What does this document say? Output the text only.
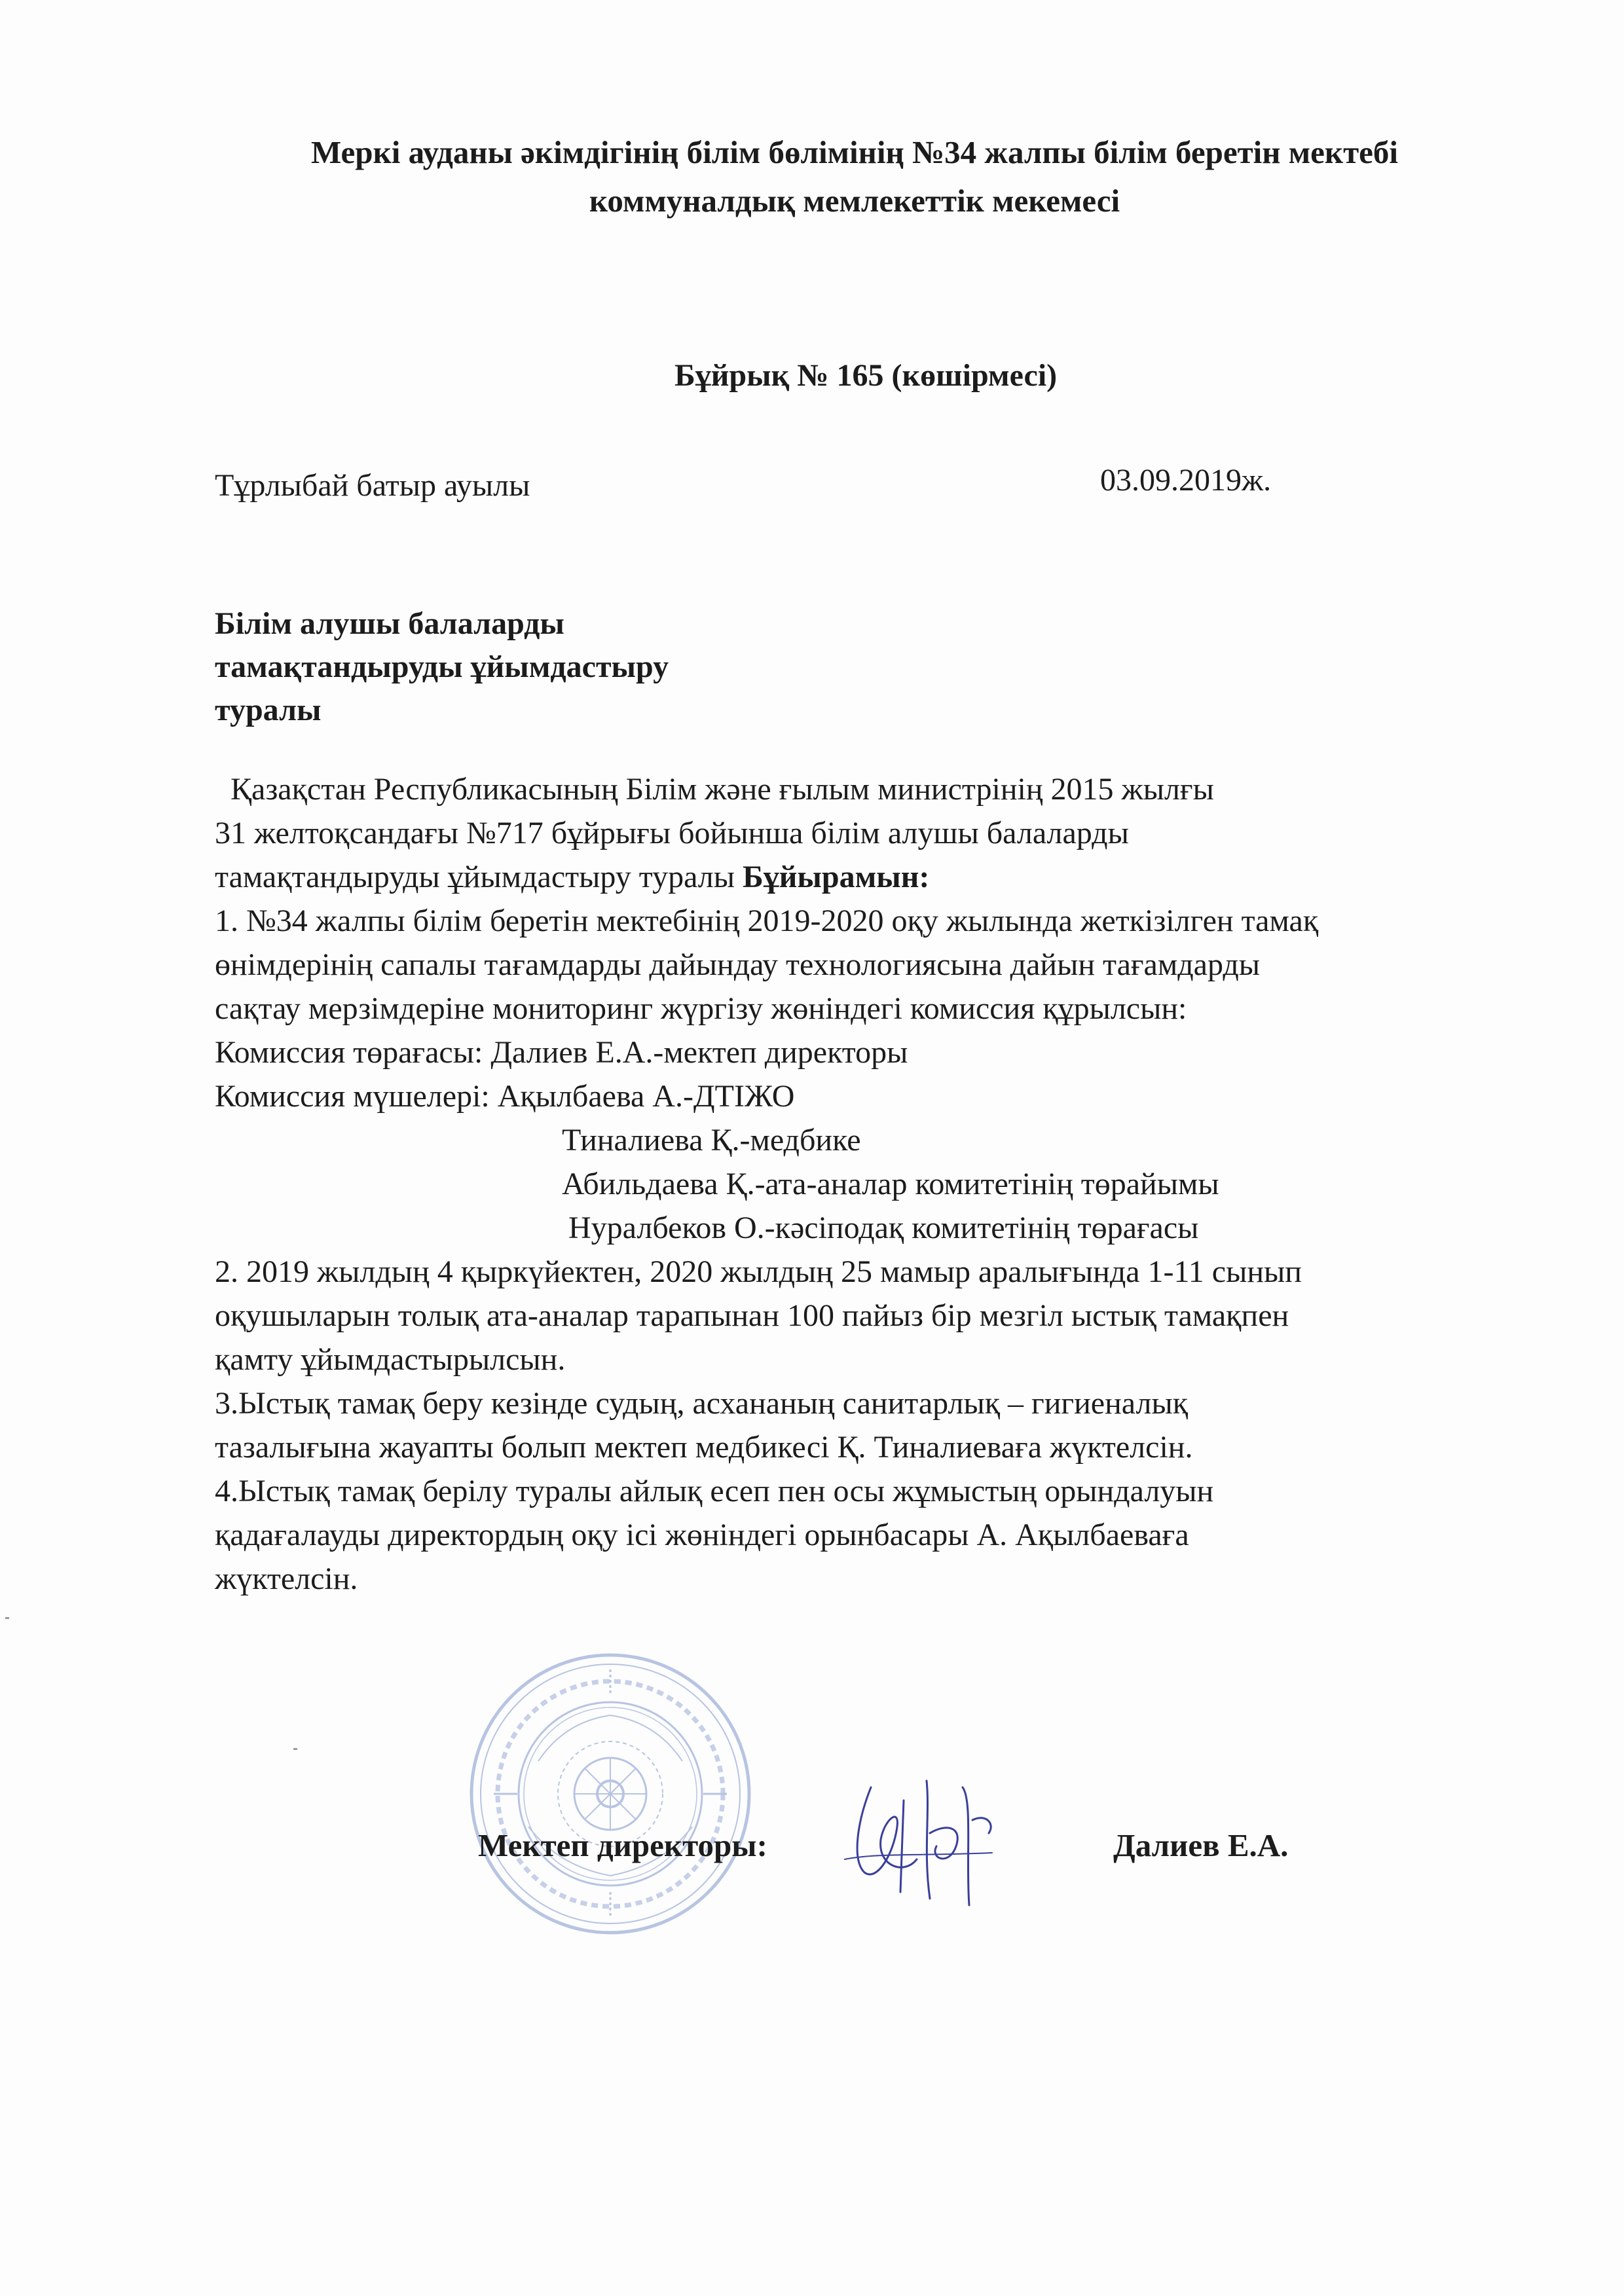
Меркі ауданы әкімдігінің білім бөлімінің №34 жалпы білім беретін мектебі
коммуналдық мемлекеттік мекемесі
Бұйрық № 165 (көшірмесі)
Тұрлыбай батыр ауылы	03.09.2019ж.
Білім алушы балаларды
тамақтандыруды ұйымдастыру
туралы
Қазақстан Республикасының Білім және ғылым министрінің 2015 жылғы
31 желтоқсандағы №717 бұйрығы бойынша білім алушы балаларды
тамақтандыруды ұйымдастыру туралы Бұйырамын:
1. №34 жалпы білім беретін мектебінің 2019-2020 оқу жылында жеткізілген тамақ
өнімдерінің сапалы тағамдарды дайындау технологиясына дайын тағамдарды
сақтау мерзімдеріне мониторинг жүргізу жөніндегі комиссия құрылсын:
Комиссия төрағасы: Далиев Е.А.-мектеп директоры
Комиссия мүшелері: Ақылбаева А.-ДТІЖО
Тиналиева Қ.-медбике
Абильдаева Қ.-ата-аналар комитетінің төрайымы
Нуралбеков О.-кәсіподақ комитетінің төрағасы
2. 2019 жылдың 4 қыркүйектен, 2020 жылдың 25 мамыр аралығында 1-11 сынып
оқушыларын толық ата-аналар тарапынан 100 пайыз бір мезгіл ыстық тамақпен
қамту ұйымдастырылсын.
3.Ыстық тамақ беру кезінде судың, асхананың санитарлық – гигиеналық
тазалығына жауапты болып мектеп медбикесі Қ. Тиналиеваға жүктелсін.
4.Ыстық тамақ берілу туралы айлық есеп пен осы жұмыстың орындалуын
қадағалауды директордың оқу ісі жөніндегі орынбасары А. Ақылбаеваға
жүктелсін.
Мектеп директоры:	Далиев Е.А.
